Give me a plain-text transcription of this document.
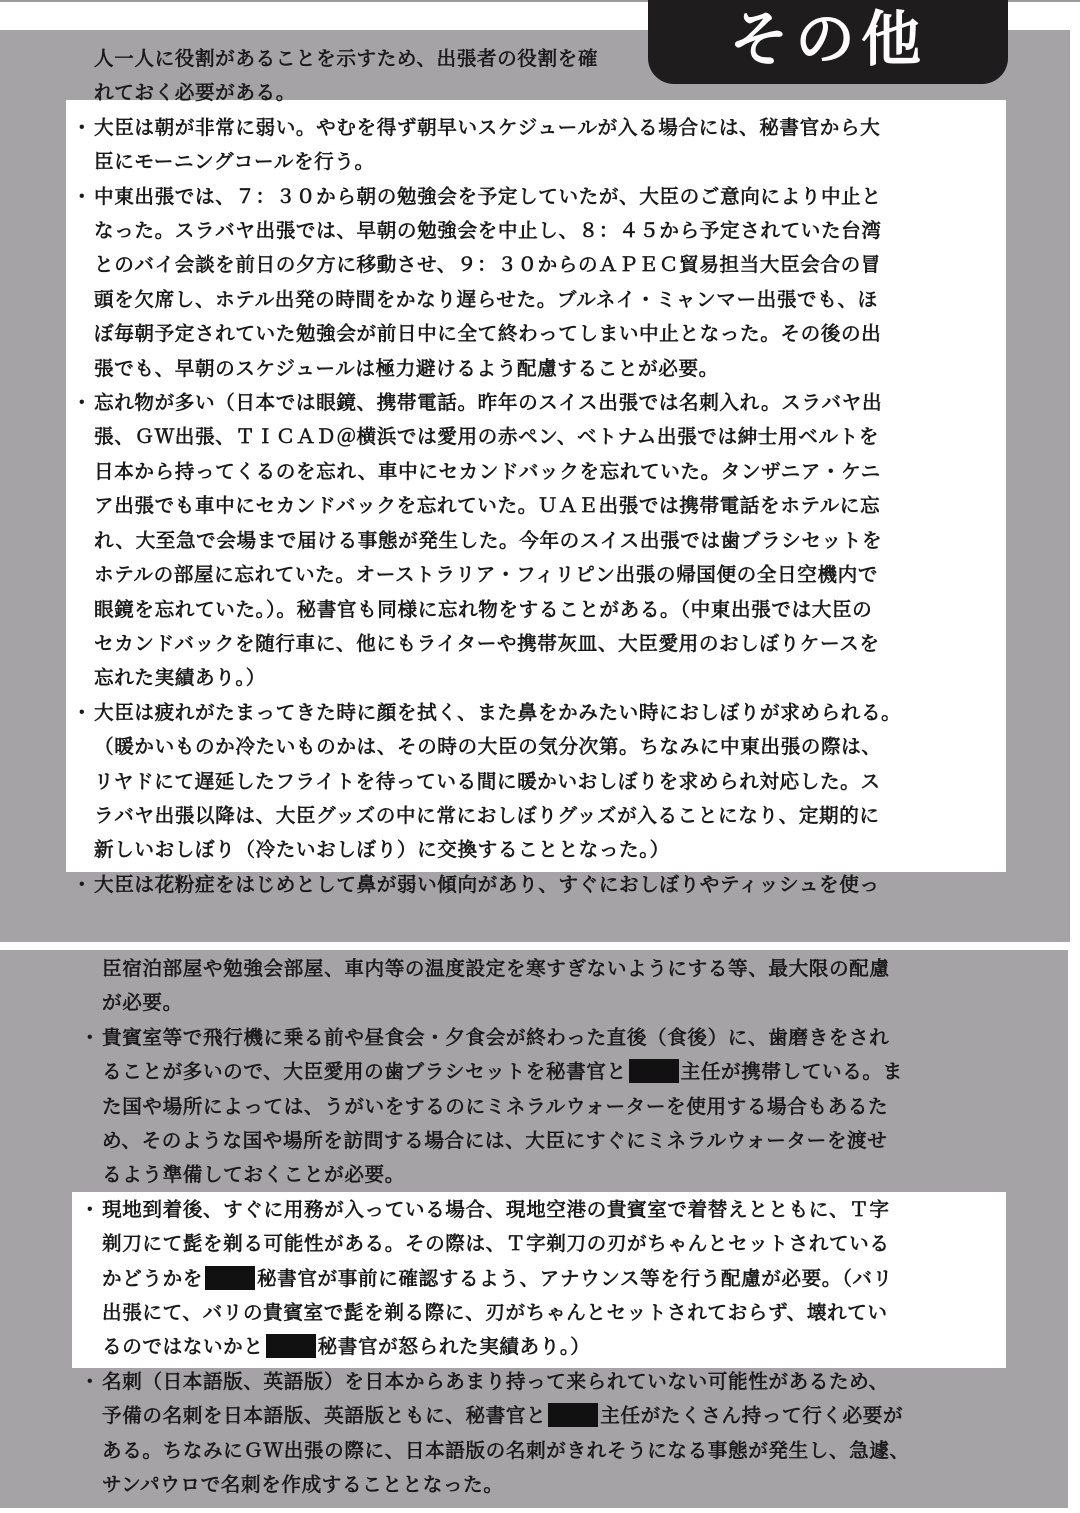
その他
人一人に役割があることを示すため、出張者の役割を確
れておく必要がある。
・ 大臣は朝が非常に弱い。やむを得ず朝早いスケジュールが入る場合には、秘書官から大
臣にモーニングコールを行う。
・ 中東出張では、７：３０から朝の勉強会を予定していたが、大臣のご意向により中止と
なった。スラバヤ出張では、早朝の勉強会を中止し、８：４５から予定されていた台湾
とのバイ会談を前日の夕方に移動させ、９：３０からのＡＰＥＣ貿易担当大臣会合の冒
頭を欠席し、ホテル出発の時間をかなり遅らせた。ブルネイ・ミャンマー出張でも、ほ
ぼ毎朝予定されていた勉強会が前日中に全て終わってしまい中止となった。その後の出
張でも、早朝のスケジュールは極力避けるよう配慮することが必要。
・ 忘れ物が多い（日本では眼鏡、携帯電話。昨年のスイス出張では名刺入れ。スラバヤ出
張、ＧＷ出張、ＴＩＣＡＤ＠横浜では愛用の赤ペン、ベトナム出張では紳士用ベルトを
日本から持ってくるのを忘れ、車中にセカンドバックを忘れていた。タンザニア・ケニ
ア出張でも車中にセカンドバックを忘れていた。ＵＡＥ出張では携帯電話をホテルに忘
れ、大至急で会場まで届ける事態が発生した。今年のスイス出張では歯ブラシセットを
ホテルの部屋に忘れていた。オーストラリア・フィリピン出張の帰国便の全日空機内で
眼鏡を忘れていた。）。秘書官も同様に忘れ物をすることがある。（中東出張では大臣の
セカンドバックを随行車に、他にもライターや携帯灰皿、大臣愛用のおしぼりケースを
忘れた実績あり。）
・ 大臣は疲れがたまってきた時に顔を拭く、また鼻をかみたい時におしぼりが求められる。
（暖かいものか冷たいものかは、その時の大臣の気分次第。ちなみに中東出張の際は、
リヤドにて遅延したフライトを待っている間に暖かいおしぼりを求められ対応した。ス
ラバヤ出張以降は、大臣グッズの中に常におしぼりグッズが入ることになり、定期的に
新しいおしぼり（冷たいおしぼり）に交換することとなった。）
・ 大臣は花粉症をはじめとして鼻が弱い傾向があり、すぐにおしぼりやティッシュを使っ
臣宿泊部屋や勉強会部屋、車内等の温度設定を寒すぎないようにする等、最大限の配慮
が必要。
・ 貴賓室等で飛行機に乗る前や昼食会・夕食会が終わった直後（食後）に、歯磨きをされ
ることが多いので、大臣愛用の歯ブラシセットを秘書官と	主任が携帯している。ま
た国や場所によっては、うがいをするのにミネラルウォーターを使用する場合もあるた
め、そのような国や場所を訪問する場合には、大臣にすぐにミネラルウォーターを渡せ
るよう準備しておくことが必要。
・ 現地到着後、すぐに用務が入っている場合、現地空港の貴賓室で着替えとともに、Ｔ字
剃刀にて髭を剃る可能性がある。その際は、Ｔ字剃刀の刃がちゃんとセットされている
かどうかを	秘書官が事前に確認するよう、アナウンス等を行う配慮が必要。（バリ
出張にて、バリの貴賓室で髭を剃る際に、刃がちゃんとセットされておらず、壊れてい
るのではないかと	秘書官が怒られた実績あり。）
・ 名刺（日本語版、英語版）を日本からあまり持って来られていない可能性があるため、
予備の名刺を日本語版、英語版ともに、秘書官と	主任がたくさん持って行く必要が
ある。ちなみにＧＷ出張の際に、日本語版の名刺がきれそうになる事態が発生し、急遽、
サンパウロで名刺を作成することとなった。
